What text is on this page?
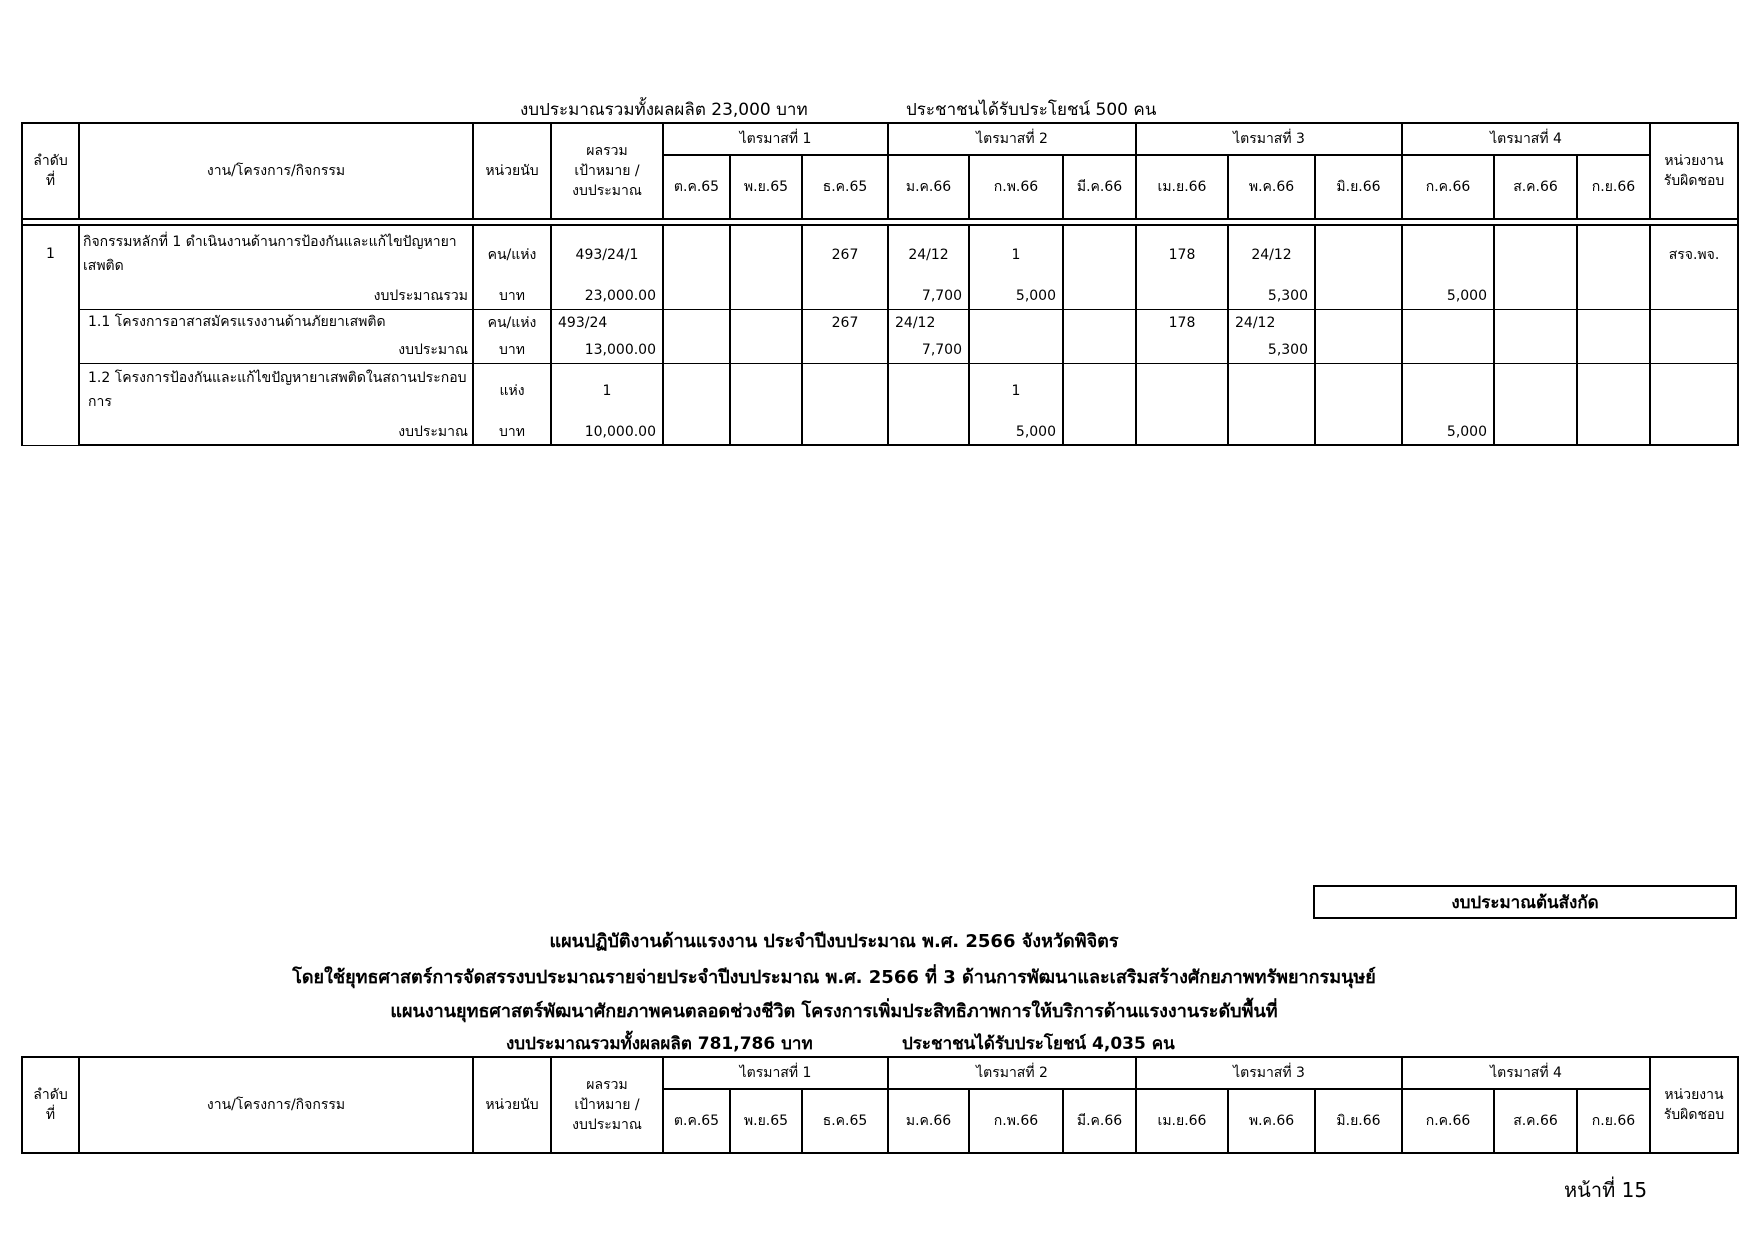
งบประมาณรวมทั้งผลผลิต 23,000 บาท	ประชาชนได้รับประโยชน์ 500 คน
ลำดับ
ที่	งาน/โครงการ/กิจกรรม	หน่วยนับ	ผลรวม
เป้าหมาย /
งบประมาณ	ไตรมาสที่ 1			ไตรมาสที่ 2			ไตรมาสที่ 3			ไตรมาสที่ 4			หน่วยงาน
รับผิดชอบ
				ต.ค.65	พ.ย.65	ธ.ค.65	ม.ค.66	ก.พ.66	มี.ค.66	เม.ย.66	พ.ค.66	มิ.ย.66	ก.ค.66	ส.ค.66	ก.ย.66	

1	กิจกรรมหลักที่ 1 ดำเนินงานด้านการป้องกันและแก้ไขปัญหายาเสพติด	คน/แห่ง	493/24/1			267	24/12	1		178	24/12					สรจ.พจ.
	งบประมาณรวม	บาท	23,000.00				7,700	5,000			5,300		5,000			
	1.1 โครงการอาสาสมัครแรงงานด้านภัยยาเสพติด	คน/แห่ง	493/24			267	24/12			178	24/12					
	งบประมาณ	บาท	13,000.00				7,700				5,300					
	1.2 โครงการป้องกันและแก้ไขปัญหายาเสพติดในสถานประกอบการ	แห่ง	1					1								
	งบประมาณ	บาท	10,000.00					5,000					5,000			
งบประมาณต้นสังกัด
แผนปฏิบัติงานด้านแรงงาน ประจำปีงบประมาณ พ.ศ. 2566 จังหวัดพิจิตร
โดยใช้ยุทธศาสตร์การจัดสรรงบประมาณรายจ่ายประจำปีงบประมาณ พ.ศ. 2566 ที่ 3 ด้านการพัฒนาและเสริมสร้างศักยภาพทรัพยากรมนุษย์
แผนงานยุทธศาสตร์พัฒนาศักยภาพคนตลอดช่วงชีวิต โครงการเพิ่มประสิทธิภาพการให้บริการด้านแรงงานระดับพื้นที่
งบประมาณรวมทั้งผลผลิต 781,786 บาท	ประชาชนได้รับประโยชน์ 4,035 คน
ลำดับ
ที่	งาน/โครงการ/กิจกรรม	หน่วยนับ	ผลรวม
เป้าหมาย /
งบประมาณ	ไตรมาสที่ 1			ไตรมาสที่ 2			ไตรมาสที่ 3			ไตรมาสที่ 4			หน่วยงาน
รับผิดชอบ
				ต.ค.65	พ.ย.65	ธ.ค.65	ม.ค.66	ก.พ.66	มี.ค.66	เม.ย.66	พ.ค.66	มิ.ย.66	ก.ค.66	ส.ค.66	ก.ย.66	
หน้าที่ 15
